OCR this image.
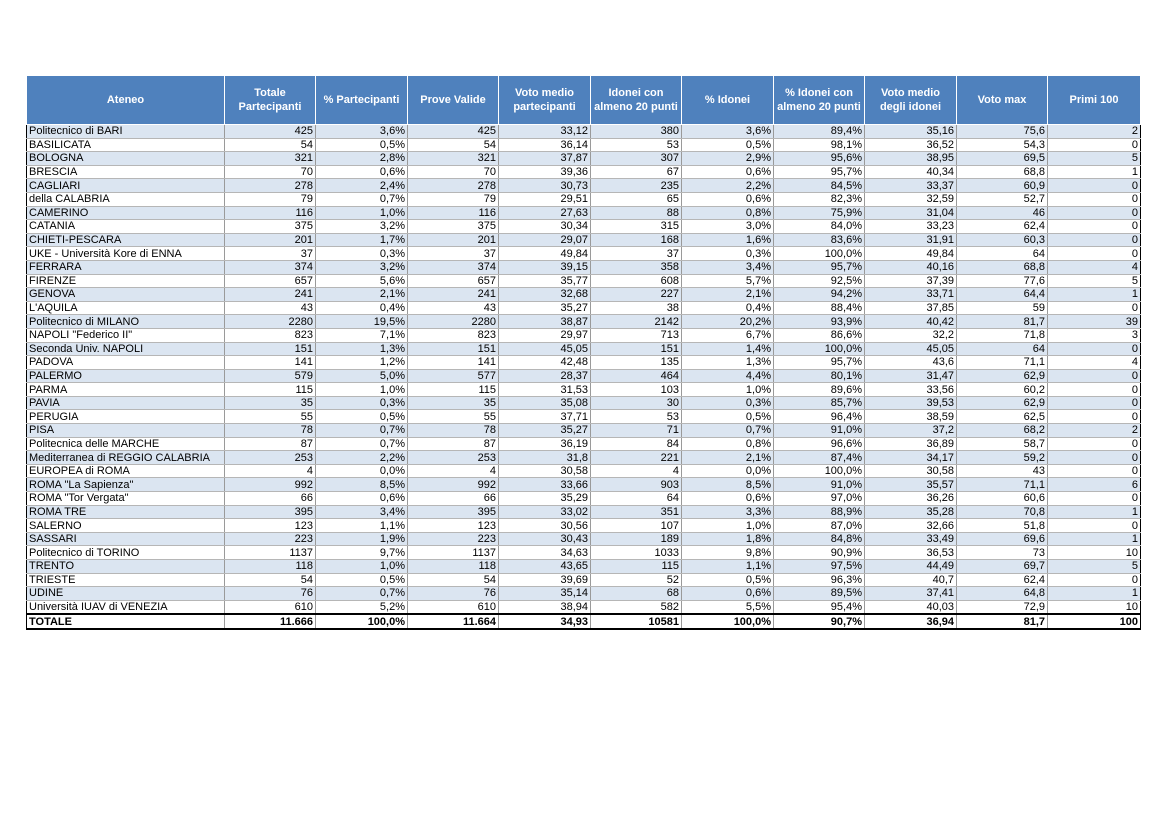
Ateneo	Totale Partecipanti	% Partecipanti	Prove Valide	Voto medio partecipanti	Idonei con almeno 20 punti	% Idonei	% Idonei con almeno 20 punti	Voto medio degli idonei	Voto max	Primi 100
Politecnico di BARI	425	3,6%	425	33,12	380	3,6%	89,4%	35,16	75,6	2
BASILICATA	54	0,5%	54	36,14	53	0,5%	98,1%	36,52	54,3	0
BOLOGNA	321	2,8%	321	37,87	307	2,9%	95,6%	38,95	69,5	5
BRESCIA	70	0,6%	70	39,36	67	0,6%	95,7%	40,34	68,8	1
CAGLIARI	278	2,4%	278	30,73	235	2,2%	84,5%	33,37	60,9	0
della CALABRIA	79	0,7%	79	29,51	65	0,6%	82,3%	32,59	52,7	0
CAMERINO	116	1,0%	116	27,63	88	0,8%	75,9%	31,04	46	0
CATANIA	375	3,2%	375	30,34	315	3,0%	84,0%	33,23	62,4	0
CHIETI-PESCARA	201	1,7%	201	29,07	168	1,6%	83,6%	31,91	60,3	0
UKE - Università Kore di ENNA	37	0,3%	37	49,84	37	0,3%	100,0%	49,84	64	0
FERRARA	374	3,2%	374	39,15	358	3,4%	95,7%	40,16	68,8	4
FIRENZE	657	5,6%	657	35,77	608	5,7%	92,5%	37,39	77,6	5
GENOVA	241	2,1%	241	32,68	227	2,1%	94,2%	33,71	64,4	1
L'AQUILA	43	0,4%	43	35,27	38	0,4%	88,4%	37,85	59	0
Politecnico di MILANO	2280	19,5%	2280	38,87	2142	20,2%	93,9%	40,42	81,7	39
NAPOLI "Federico II"	823	7,1%	823	29,97	713	6,7%	86,6%	32,2	71,8	3
Seconda Univ. NAPOLI	151	1,3%	151	45,05	151	1,4%	100,0%	45,05	64	0
PADOVA	141	1,2%	141	42,48	135	1,3%	95,7%	43,6	71,1	4
PALERMO	579	5,0%	577	28,37	464	4,4%	80,1%	31,47	62,9	0
PARMA	115	1,0%	115	31,53	103	1,0%	89,6%	33,56	60,2	0
PAVIA	35	0,3%	35	35,08	30	0,3%	85,7%	39,53	62,9	0
PERUGIA	55	0,5%	55	37,71	53	0,5%	96,4%	38,59	62,5	0
PISA	78	0,7%	78	35,27	71	0,7%	91,0%	37,2	68,2	2
Politecnica delle MARCHE	87	0,7%	87	36,19	84	0,8%	96,6%	36,89	58,7	0
Mediterranea di REGGIO CALABRIA	253	2,2%	253	31,8	221	2,1%	87,4%	34,17	59,2	0
EUROPEA di ROMA	4	0,0%	4	30,58	4	0,0%	100,0%	30,58	43	0
ROMA "La Sapienza"	992	8,5%	992	33,66	903	8,5%	91,0%	35,57	71,1	6
ROMA "Tor Vergata"	66	0,6%	66	35,29	64	0,6%	97,0%	36,26	60,6	0
ROMA TRE	395	3,4%	395	33,02	351	3,3%	88,9%	35,28	70,8	1
SALERNO	123	1,1%	123	30,56	107	1,0%	87,0%	32,66	51,8	0
SASSARI	223	1,9%	223	30,43	189	1,8%	84,8%	33,49	69,6	1
Politecnico di TORINO	1137	9,7%	1137	34,63	1033	9,8%	90,9%	36,53	73	10
TRENTO	118	1,0%	118	43,65	115	1,1%	97,5%	44,49	69,7	5
TRIESTE	54	0,5%	54	39,69	52	0,5%	96,3%	40,7	62,4	0
UDINE	76	0,7%	76	35,14	68	0,6%	89,5%	37,41	64,8	1
Università IUAV di VENEZIA	610	5,2%	610	38,94	582	5,5%	95,4%	40,03	72,9	10
TOTALE	11.666	100,0%	11.664	34,93	10581	100,0%	90,7%	36,94	81,7	100
